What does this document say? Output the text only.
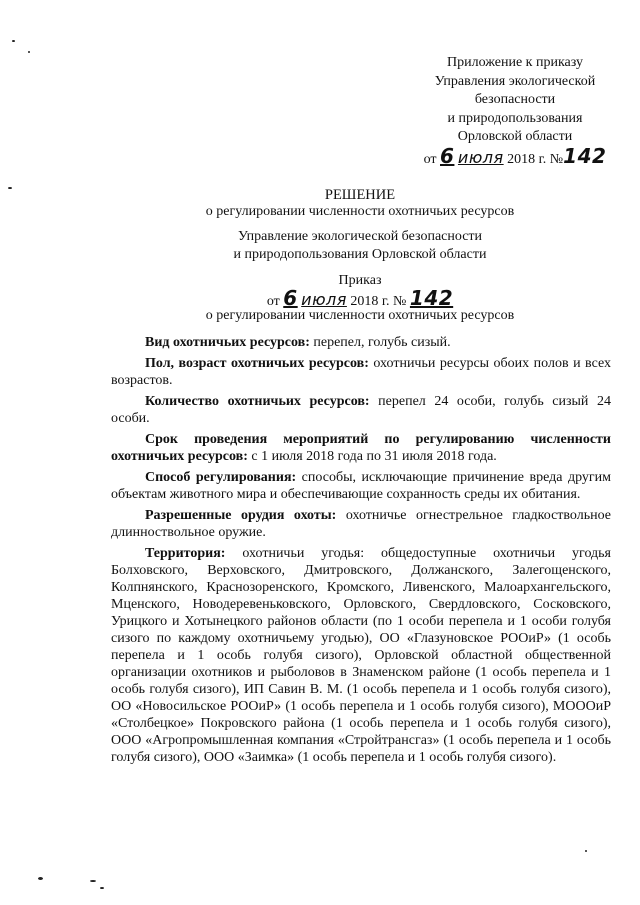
Приложение к приказу
Управления экологической
безопасности
и природопользования
Орловской области
от 6 июля 2018 г. №142
РЕШЕНИЕ
о регулировании численности охотничьих ресурсов
Управление экологической безопасности
и природопользования Орловской области
Приказ
от 6 июля 2018 г. № 142
о регулировании численности охотничьих ресурсов

Вид охотничьих ресурсов: перепел, голубь сизый.

Пол, возраст охотничьих ресурсов: охотничьи ресурсы обоих полов и всех возрастов.

Количество охотничьих ресурсов: перепел 24 особи, голубь сизый 24 особи.

Срок проведения мероприятий по регулированию численности охотничьих ресурсов: с 1 июля 2018 года по 31 июля 2018 года.

Способ регулирования: способы, исключающие причинение вреда другим объектам животного мира и обеспечивающие сохранность среды их обитания.

Разрешенные орудия охоты: охотничье огнестрельное гладкоствольное длинноствольное оружие.

Территория: охотничьи угодья: общедоступные охотничьи угодья Болховского, Верховского, Дмитровского, Должанского, Залегощенского, Колпнянского, Краснозоренского, Кромского, Ливенского, Малоархангельского, Мценского, Новодеревеньковского, Орловского, Свердловского, Сосковского, Урицкого и Хотынецкого районов области (по 1 особи перепела и 1 особи голубя сизого по каждому охотничьему угодью), ОО «Глазуновское РООиР» (1 особь перепела и 1 особь голубя сизого), Орловской областной общественной организации охотников и рыболовов в Знаменском районе (1 особь перепела и 1 особь голубя сизого), ИП Савин В. М. (1 особь перепела и 1 особь голубя сизого), ОО «Новосильское РООиР» (1 особь перепела и 1 особь голубя сизого), МОООиР «Столбецкое» Покровского района (1 особь перепела и 1 особь голубя сизого), ООО «Агропромышленная компания «Стройтрансгаз» (1 особь перепела и 1 особь голубя сизого), ООО «Заимка» (1 особь перепела и 1 особь голубя сизого).
